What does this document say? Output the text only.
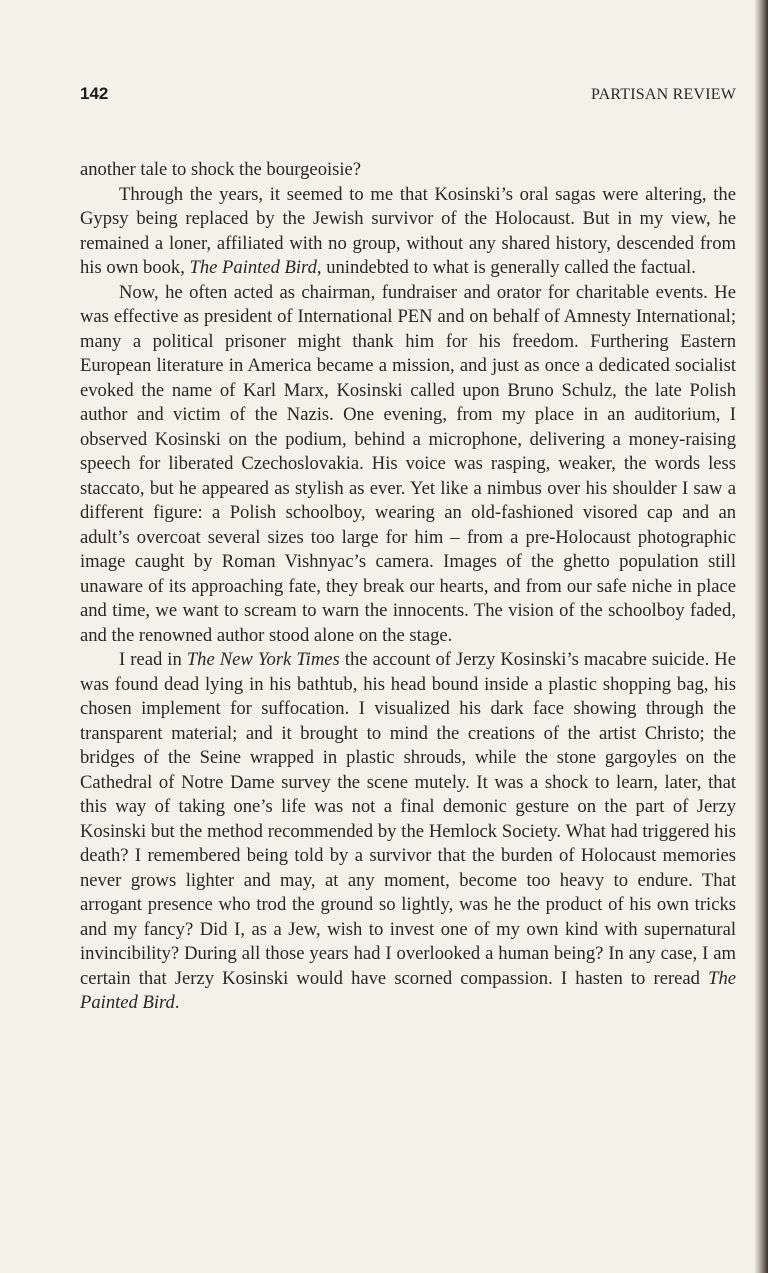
142	PARTISAN REVIEW

another tale to shock the bourgeoisie?

Through the years, it seemed to me that Kosinski’s oral sagas were altering, the Gypsy being replaced by the Jewish survivor of the Holocaust. But in my view, he remained a loner, affiliated with no group, without any shared history, descended from his own book, The Painted Bird, unindebted to what is generally called the factual.

Now, he often acted as chairman, fundraiser and orator for charitable events. He was effective as president of International PEN and on behalf of Amnesty International; many a political prisoner might thank him for his freedom. Furthering Eastern European literature in America became a mission, and just as once a dedicated socialist evoked the name of Karl Marx, Kosinski called upon Bruno Schulz, the late Polish author and victim of the Nazis. One evening, from my place in an auditorium, I observed Kosinski on the podium, behind a microphone, delivering a money-raising speech for liberated Czechoslovakia. His voice was rasping, weaker, the words less staccato, but he appeared as stylish as ever. Yet like a nimbus over his shoulder I saw a different figure: a Polish schoolboy, wearing an old-fashioned visored cap and an adult’s overcoat several sizes too large for him – from a pre-Holocaust photographic image caught by Roman Vishnyac’s camera. Images of the ghetto population still unaware of its approaching fate, they break our hearts, and from our safe niche in place and time, we want to scream to warn the innocents. The vision of the schoolboy faded, and the renowned author stood alone on the stage.

I read in The New York Times the account of Jerzy Kosinski’s macabre suicide. He was found dead lying in his bathtub, his head bound inside a plastic shopping bag, his chosen implement for suffocation. I visualized his dark face showing through the transparent material; and it brought to mind the creations of the artist Christo; the bridges of the Seine wrapped in plastic shrouds, while the stone gargoyles on the Cathedral of Notre Dame survey the scene mutely. It was a shock to learn, later, that this way of taking one’s life was not a final demonic gesture on the part of Jerzy Kosinski but the method recommended by the Hemlock Society. What had triggered his death? I remembered being told by a survivor that the burden of Holocaust memories never grows lighter and may, at any moment, become too heavy to endure. That arrogant presence who trod the ground so lightly, was he the product of his own tricks and my fancy? Did I, as a Jew, wish to invest one of my own kind with supernatural invincibility? During all those years had I overlooked a human being? In any case, I am certain that Jerzy Kosinski would have scorned compassion. I hasten to reread The Painted Bird.
